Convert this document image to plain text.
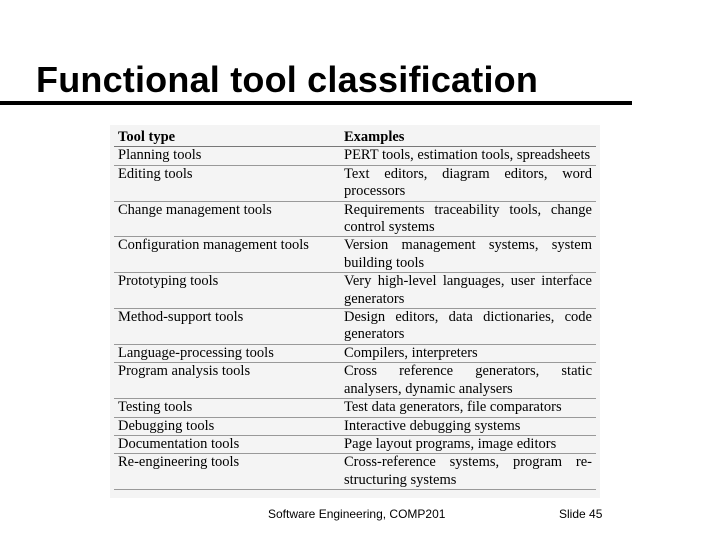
Functional tool classification
Tool type	Examples
Planning tools	PERT tools, estimation tools, spreadsheets
Editing tools	Text editors, diagram editors, word processors
Change management tools	Requirements traceability tools, change control systems
Configuration management tools	Version management systems, system building tools
Prototyping tools	Very high-level languages, user interface generators
Method-support tools	Design editors, data dictionaries, code generators
Language-processing tools	Compilers, interpreters
Program analysis tools	Cross reference generators, static analysers, dynamic analysers
Testing tools	Test data generators, file comparators
Debugging tools	Interactive debugging systems
Documentation tools	Page layout programs, image editors
Re-engineering tools	Cross-reference systems, program re-structuring systems
Software Engineering, COMP201	Slide 45
